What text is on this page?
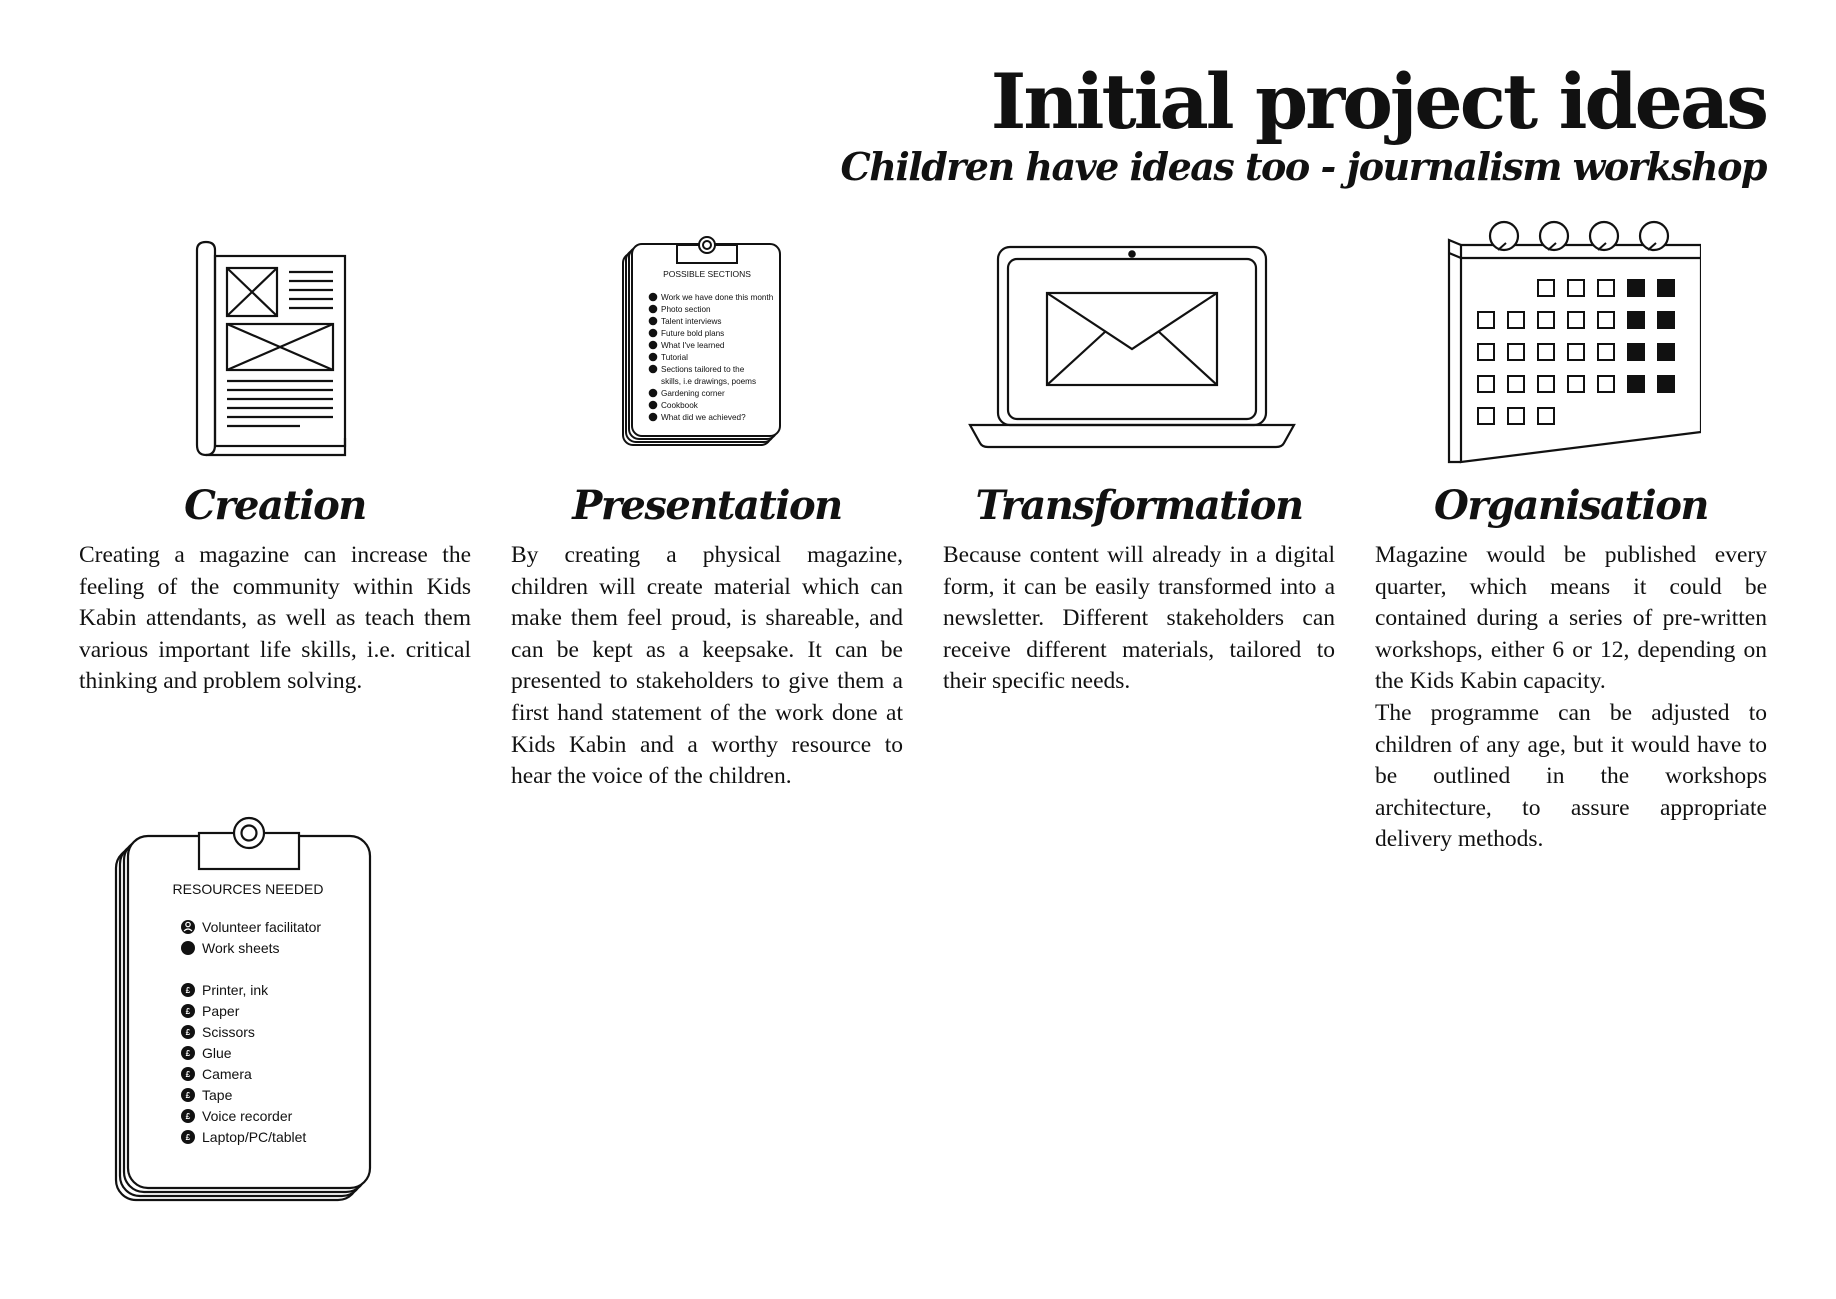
Initial project ideas
Children have ideas too - journalism workshop
POSSIBLE SECTIONS
Work we have done this month
Photo section
Talent interviews
Future bold plans
What I've learned
Tutorial
Sections tailored to the
skills, i.e drawings, poems
Gardening corner
Cookbook
What did we achieved?
Creation	Presentation	Transformation	Organisation

Creating a magazine can increase the feeling of the community within Kids Kabin attendants, as well as teach them various important life skills, i.e. critical thinking and problem solving.

By creating a physical magazine, children will create material which can make them feel proud, is shareable, and can be kept as a keepsake. It can be presented to stakeholders to give them a first hand statement of the work done at Kids Kabin and a worthy resource to hear the voice of the children.

Because content will already in a digital form, it can be easily transformed into a newsletter. Different stakeholders can receive different materials, tailored to their specific needs.

Magazine would be published every quarter, which means it could be contained during a series of pre-written workshops, either 6 or 12, depending on the Kids Kabin capacity.

The programme can be adjusted to children of any age, but it would have to be outlined in the workshops architecture, to assure appropriate delivery methods.

£
£
£
£
£
£
£
£
RESOURCES NEEDED
Volunteer facilitator
Work sheets
Printer, ink
Paper
Scissors
Glue
Camera
Tape
Voice recorder
Laptop/PC/tablet
